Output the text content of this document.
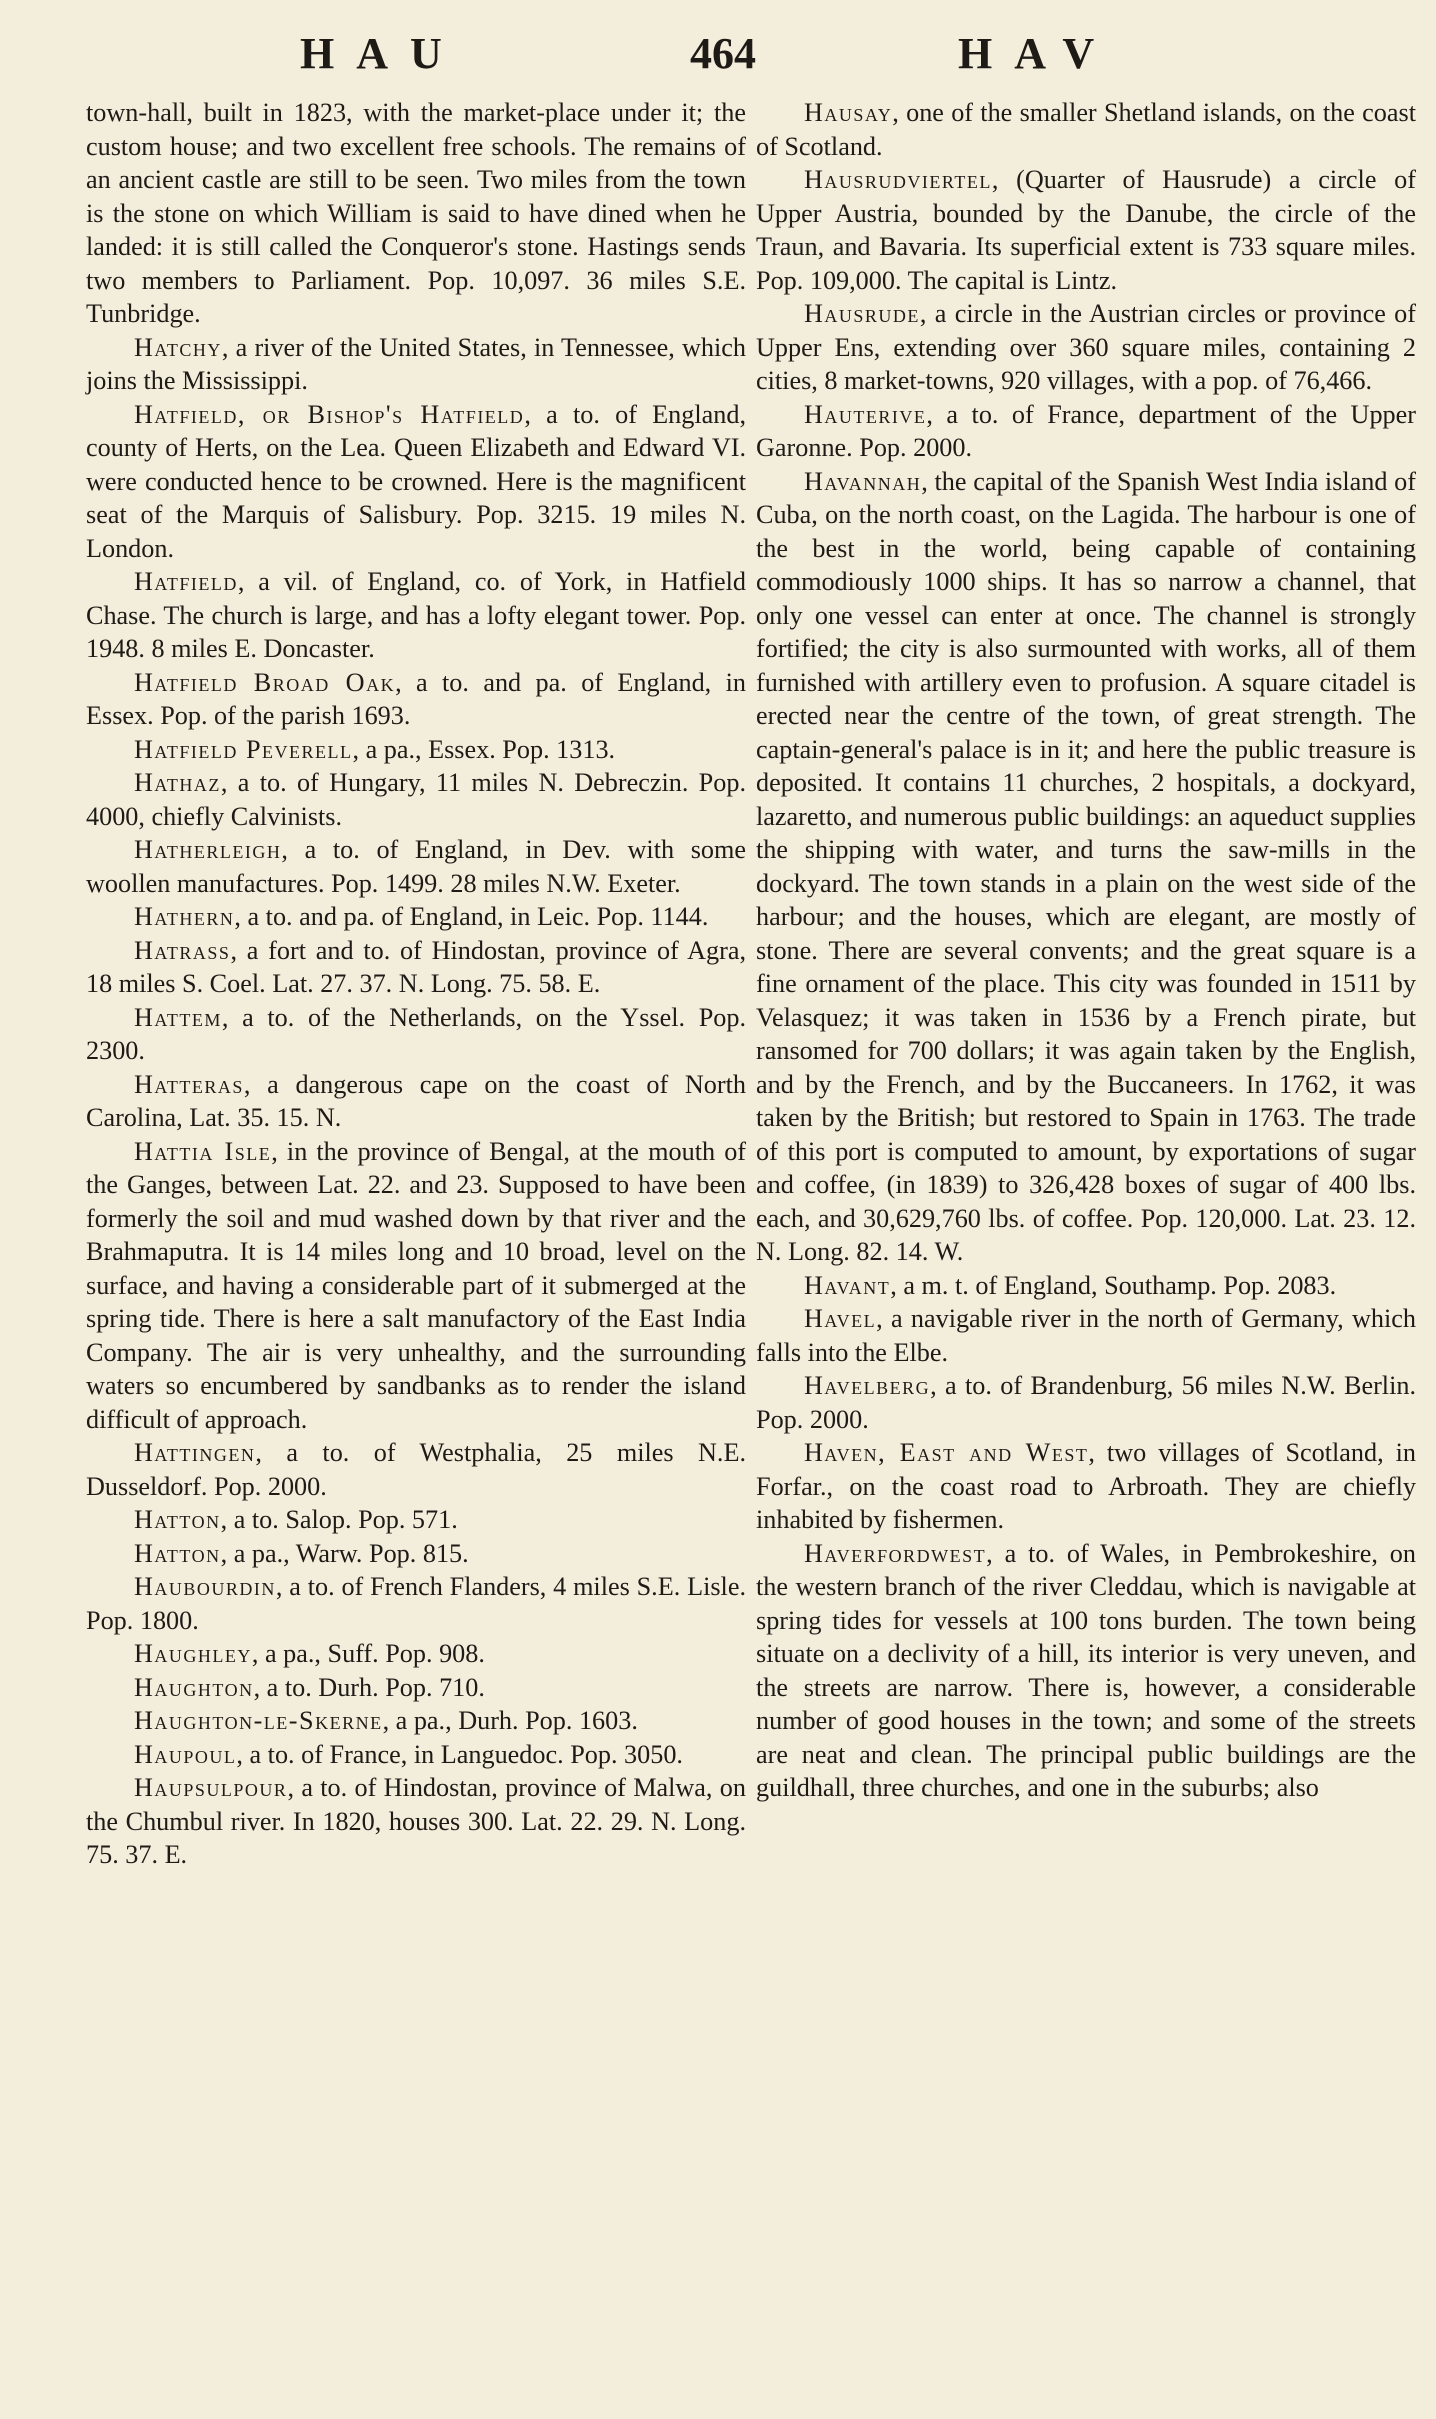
HAU	464	HAV

town-hall, built in 1823, with the market-place under it; the custom house; and two excellent free schools. The remains of an ancient castle are still to be seen. Two miles from the town is the stone on which William is said to have dined when he landed: it is still called the Conqueror's stone. Hastings sends two members to Parliament. Pop. 10,097. 36 miles S.E. Tunbridge.

Hatchy, a river of the United States, in Tennessee, which joins the Mississippi.

Hatfield, or Bishop's Hatfield, a to. of England, county of Herts, on the Lea. Queen Elizabeth and Edward VI. were conducted hence to be crowned. Here is the magnificent seat of the Marquis of Salisbury. Pop. 3215. 19 miles N. London.

Hatfield, a vil. of England, co. of York, in Hatfield Chase. The church is large, and has a lofty elegant tower. Pop. 1948. 8 miles E. Doncaster.

Hatfield Broad Oak, a to. and pa. of England, in Essex. Pop. of the parish 1693.

Hatfield Peverell, a pa., Essex. Pop. 1313.

Hathaz, a to. of Hungary, 11 miles N. Debreczin. Pop. 4000, chiefly Calvinists.

Hatherleigh, a to. of England, in Dev. with some woollen manufactures. Pop. 1499. 28 miles N.W. Exeter.

Hathern, a to. and pa. of England, in Leic. Pop. 1144.

Hatrass, a fort and to. of Hindostan, province of Agra, 18 miles S. Coel. Lat. 27. 37. N. Long. 75. 58. E.

Hattem, a to. of the Netherlands, on the Yssel. Pop. 2300.

Hatteras, a dangerous cape on the coast of North Carolina, Lat. 35. 15. N.

Hattia Isle, in the province of Bengal, at the mouth of the Ganges, between Lat. 22. and 23. Supposed to have been formerly the soil and mud washed down by that river and the Brahmaputra. It is 14 miles long and 10 broad, level on the surface, and having a considerable part of it submerged at the spring tide. There is here a salt manufactory of the East India Company. The air is very unhealthy, and the surrounding waters so encumbered by sandbanks as to render the island difficult of approach.

Hattingen, a to. of Westphalia, 25 miles N.E. Dusseldorf. Pop. 2000.

Hatton, a to. Salop. Pop. 571.

Hatton, a pa., Warw. Pop. 815.

Haubourdin, a to. of French Flanders, 4 miles S.E. Lisle. Pop. 1800.

Haughley, a pa., Suff. Pop. 908.

Haughton, a to. Durh. Pop. 710.

Haughton-le-Skerne, a pa., Durh. Pop. 1603.

Haupoul, a to. of France, in Languedoc. Pop. 3050.

Haupsulpour, a to. of Hindostan, province of Malwa, on the Chumbul river. In 1820, houses 300. Lat. 22. 29. N. Long. 75. 37. E.

Hausay, one of the smaller Shetland islands, on the coast of Scotland.

Hausrudviertel, (Quarter of Hausrude) a circle of Upper Austria, bounded by the Danube, the circle of the Traun, and Bavaria. Its superficial extent is 733 square miles. Pop. 109,000. The capital is Lintz.

Hausrude, a circle in the Austrian circles or province of Upper Ens, extending over 360 square miles, containing 2 cities, 8 market-towns, 920 villages, with a pop. of 76,466.

Hauterive, a to. of France, department of the Upper Garonne. Pop. 2000.

Havannah, the capital of the Spanish West India island of Cuba, on the north coast, on the Lagida. The harbour is one of the best in the world, being capable of containing commodiously 1000 ships. It has so narrow a channel, that only one vessel can enter at once. The channel is strongly fortified; the city is also surmounted with works, all of them furnished with artillery even to profusion. A square citadel is erected near the centre of the town, of great strength. The captain-general's palace is in it; and here the public treasure is deposited. It contains 11 churches, 2 hospitals, a dockyard, lazaretto, and numerous public buildings: an aqueduct supplies the shipping with water, and turns the saw-mills in the dockyard. The town stands in a plain on the west side of the harbour; and the houses, which are elegant, are mostly of stone. There are several convents; and the great square is a fine ornament of the place. This city was founded in 1511 by Velasquez; it was taken in 1536 by a French pirate, but ransomed for 700 dollars; it was again taken by the English, and by the French, and by the Buccaneers. In 1762, it was taken by the British; but restored to Spain in 1763. The trade of this port is computed to amount, by exportations of sugar and coffee, (in 1839) to 326,428 boxes of sugar of 400 lbs. each, and 30,629,760 lbs. of coffee. Pop. 120,000. Lat. 23. 12. N. Long. 82. 14. W.

Havant, a m. t. of England, Southamp. Pop. 2083.

Havel, a navigable river in the north of Germany, which falls into the Elbe.

Havelberg, a to. of Brandenburg, 56 miles N.W. Berlin. Pop. 2000.

Haven, East and West, two villages of Scotland, in Forfar., on the coast road to Arbroath. They are chiefly inhabited by fishermen.

Haverfordwest, a to. of Wales, in Pembrokeshire, on the western branch of the river Cleddau, which is navigable at spring tides for vessels at 100 tons burden. The town being situate on a declivity of a hill, its interior is very uneven, and the streets are narrow. There is, however, a considerable number of good houses in the town; and some of the streets are neat and clean. The principal public buildings are the guildhall, three churches, and one in the suburbs; also
